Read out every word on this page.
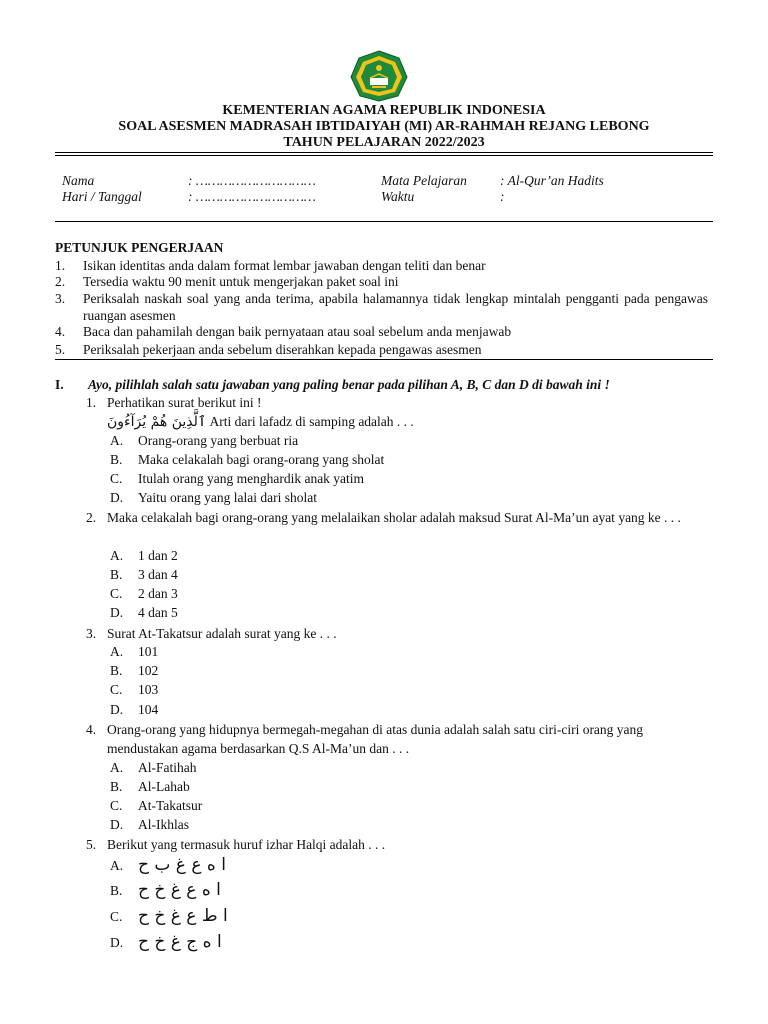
KEMENTERIAN AGAMA REPUBLIK INDONESIA
SOAL ASESMEN MADRASAH IBTIDAIYAH (MI) AR-RAHMAH REJANG LEBONG
TAHUN PELAJARAN 2022/2023
Nama	: …………………………
Hari / Tanggal	: …………………………
Mata Pelajaran : Al-Qur’an Hadits
Waktu	:
PETUNJUK PENGERJAAN
1. Isikan identitas anda dalam format lembar jawaban dengan teliti dan benar
2. Tersedia waktu 90 menit untuk mengerjakan paket soal ini
3. Periksalah naskah soal yang anda terima, apabila halamannya tidak lengkap mintalah pengganti pada pengawas ruangan asesmen
4. Baca dan pahamilah dengan baik pernyataan atau soal sebelum anda menjawab
5. Periksalah pekerjaan anda sebelum diserahkan kepada pengawas asesmen
I. Ayo, pilihlah salah satu jawaban yang paling benar pada pilihan A, B, C dan D di bawah ini !
1. Perhatikan surat berikut ini !
ٱلَّذِينَ هُمْ يُرَآءُونَ Arti dari lafadz di samping adalah . . .
A. Orang-orang yang berbuat ria
B. Maka celakalah bagi orang-orang yang sholat
C. Itulah orang yang menghardik anak yatim
D. Yaitu orang yang lalai dari sholat
2. Maka celakalah bagi orang-orang yang melalaikan sholar adalah maksud Surat Al-Ma’un ayat yang ke . . .
A. 1 dan 2
B. 3 dan 4
C. 2 dan 3
D. 4 dan 5
3. Surat At-Takatsur adalah surat yang ke . . .
A. 101
B. 102
C. 103
D. 104
4. Orang-orang yang hidupnya bermegah-megahan di atas dunia adalah salah satu ciri-ciri orang yang mendustakan agama berdasarkan Q.S Al-Ma’un dan . . .
A. Al-Fatihah
B. Al-Lahab
C. At-Takatsur
D. Al-Ikhlas
5. Berikut yang termasuk huruf izhar Halqi adalah . . .
A. ا ه ع غ ب ح
B. ا ه ع غ خ ح
C. ا ط ع غ خ ح
D. ا ه ج غ خ ح
